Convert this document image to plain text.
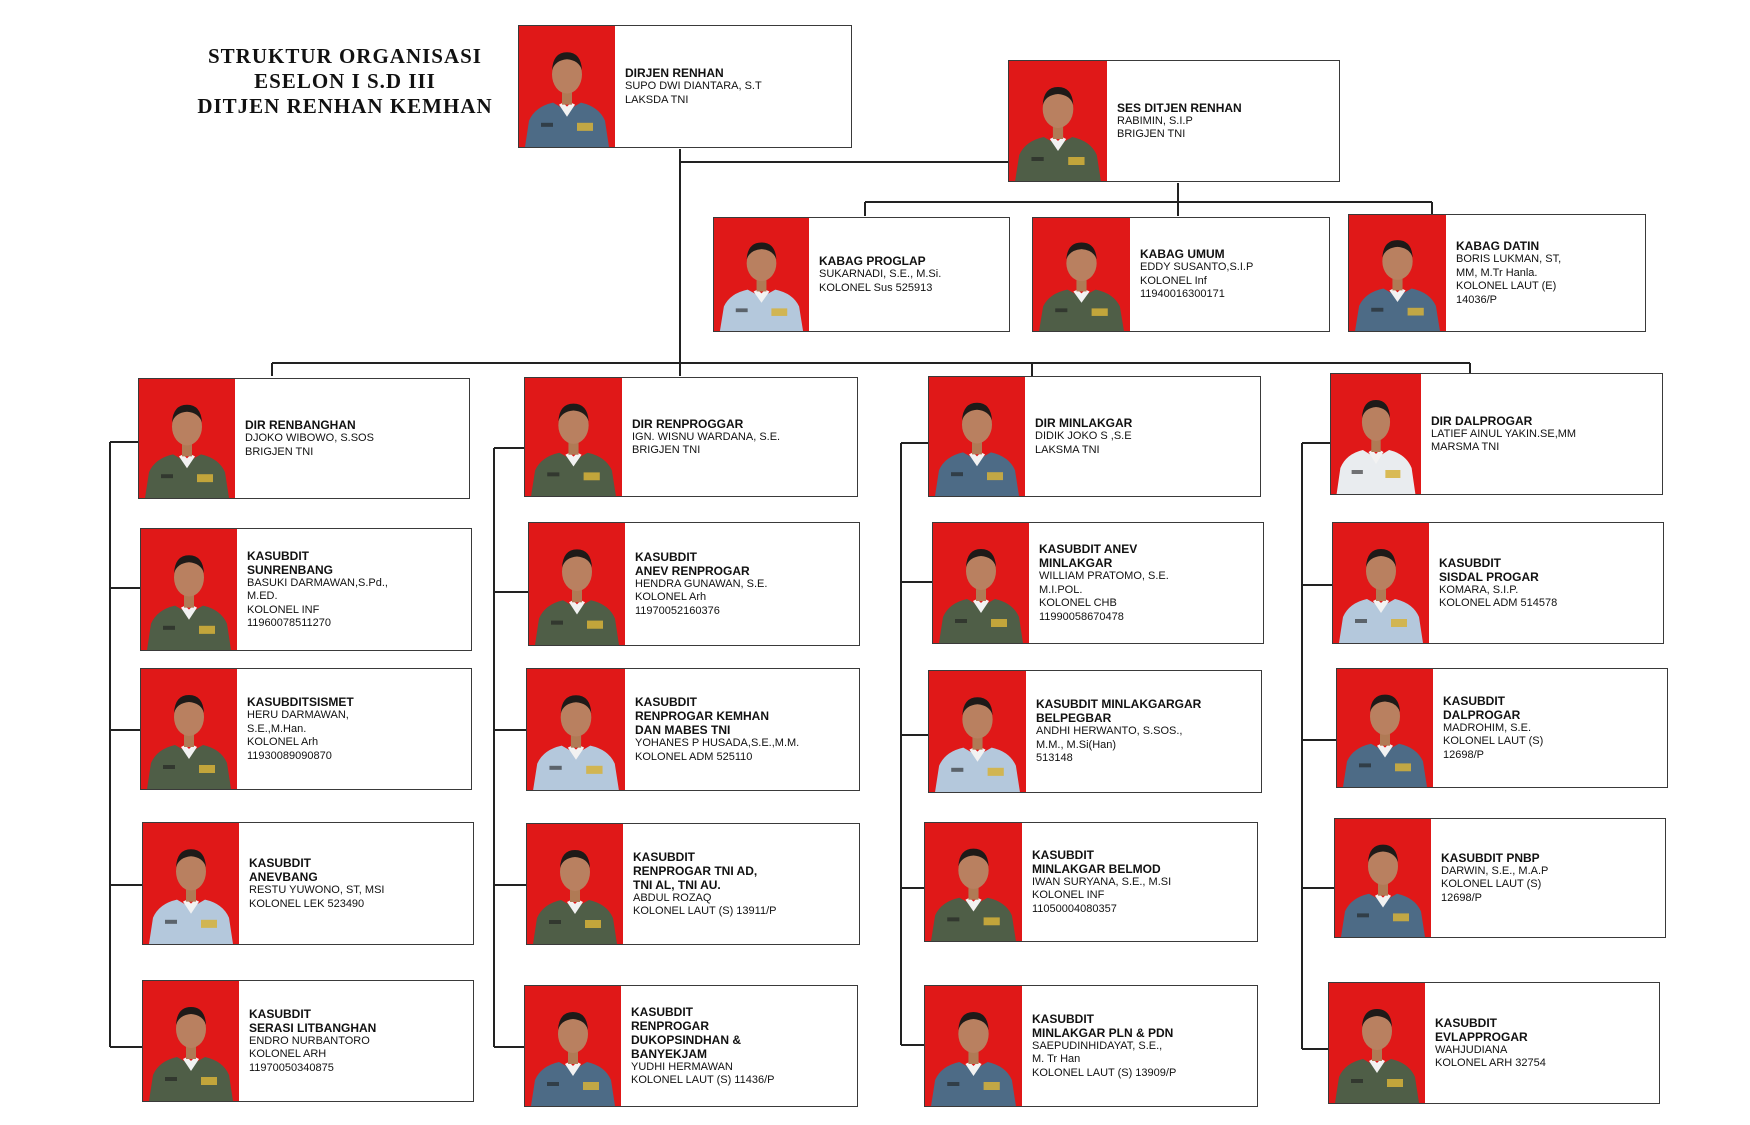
STRUKTUR ORGANISASI
ESELON I S.D III
DITJEN RENHAN KEMHAN
DIRJEN RENHAN
SUPO DWI DIANTARA, S.T
LAKSDA TNI
SES DITJEN RENHAN
RABIMIN, S.I.P
BRIGJEN TNI
KABAG PROGLAP
SUKARNADI, S.E., M.Si.
KOLONEL Sus 525913
KABAG UMUM
EDDY SUSANTO,S.I.P
KOLONEL Inf
11940016300171
KABAG DATIN
BORIS LUKMAN, ST,
MM, M.Tr Hanla.
KOLONEL LAUT (E)
14036/P
DIR RENBANGHAN
DJOKO WIBOWO, S.SOS
BRIGJEN TNI
KASUBDIT
SUNRENBANG
BASUKI DARMAWAN,S.Pd.,
M.ED.
KOLONEL INF
11960078511270
KASUBDITSISMET
HERU DARMAWAN,
S.E.,M.Han.
KOLONEL Arh
11930089090870
KASUBDIT
ANEVBANG
RESTU YUWONO, ST, MSI
KOLONEL LEK 523490
KASUBDIT
SERASI LITBANGHAN
ENDRO NURBANTORO
KOLONEL ARH
11970050340875
DIR RENPROGGAR
IGN. WISNU WARDANA, S.E.
BRIGJEN TNI
KASUBDIT
ANEV RENPROGAR
HENDRA GUNAWAN, S.E.
KOLONEL Arh
11970052160376
KASUBDIT
RENPROGAR KEMHAN
DAN MABES TNI
YOHANES P HUSADA,S.E.,M.M.
KOLONEL ADM 525110
KASUBDIT
RENPROGAR TNI AD,
TNI AL, TNI AU.
ABDUL ROZAQ
KOLONEL LAUT (S) 13911/P
KASUBDIT
RENPROGAR
DUKOPSINDHAN &
BANYEKJAM
YUDHI HERMAWAN
KOLONEL LAUT (S) 11436/P
DIR MINLAKGAR
DIDIK JOKO S ,S.E
LAKSMA TNI
KASUBDIT ANEV
MINLAKGAR
WILLIAM PRATOMO, S.E.
M.I.POL.
KOLONEL CHB
11990058670478
KASUBDIT MINLAKGARGAR
BELPEGBAR
ANDHI HERWANTO, S.SOS.,
M.M., M.Si(Han)
513148
KASUBDIT
MINLAKGAR BELMOD
IWAN SURYANA, S.E., M.SI
KOLONEL INF
11050004080357
KASUBDIT
MINLAKGAR PLN & PDN
SAEPUDINHIDAYAT, S.E.,
M. Tr Han
KOLONEL LAUT (S) 13909/P
DIR DALPROGAR
LATIEF AINUL YAKIN.SE,MM
MARSMA TNI
KASUBDIT
SISDAL PROGAR
KOMARA, S.I.P.
KOLONEL ADM 514578
KASUBDIT
DALPROGAR
MADROHIM, S.E.
KOLONEL LAUT (S)
12698/P
KASUBDIT PNBP
DARWIN, S.E., M.A.P
KOLONEL LAUT (S)
12698/P
KASUBDIT
EVLAPPROGAR
WAHJUDIANA
KOLONEL ARH 32754
